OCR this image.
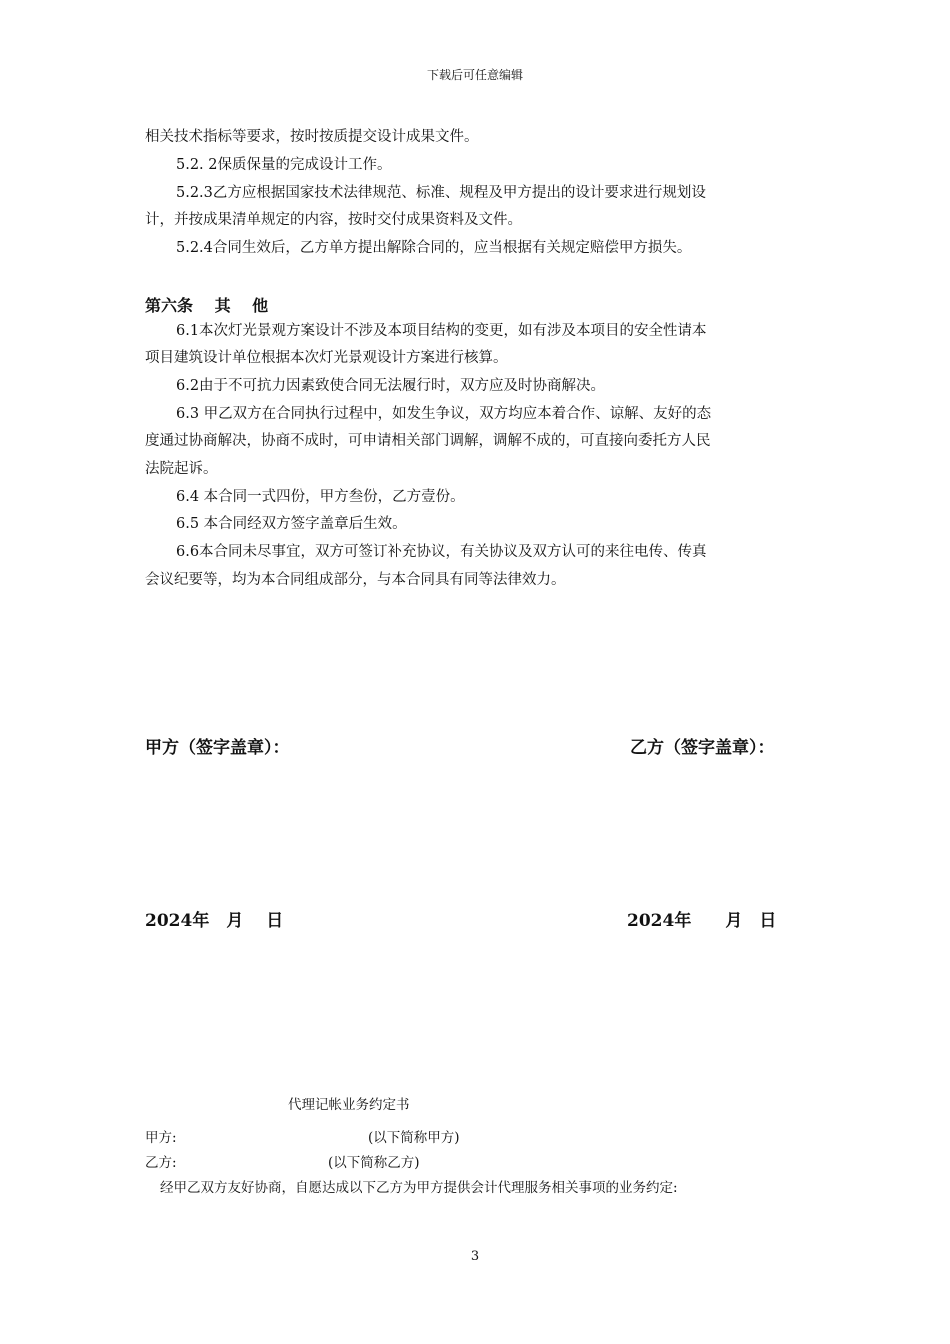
下载后可任意编辑
相关技术指标等要求，按时按质提交设计成果文件。
5.2. 2保质保量的完成设计工作。
5.2.3乙方应根据国家技术法律规范、标准、规程及甲方提出的设计要求进行规划设
计，并按成果清单规定的内容，按时交付成果资料及文件。
5.2.4合同生效后，乙方单方提出解除合同的，应当根据有关规定赔偿甲方损失。
第六条　 其　 他
6.1本次灯光景观方案设计不涉及本项目结构的变更，如有涉及本项目的安全性请本
项目建筑设计单位根据本次灯光景观设计方案进行核算。
6.2由于不可抗力因素致使合同无法履行时，双方应及时协商解决。
6.3 甲乙双方在合同执行过程中，如发生争议，双方均应本着合作、谅解、友好的态
度通过协商解决，协商不成时，可申请相关部门调解，调解不成的，可直接向委托方人民
法院起诉。
6.4 本合同一式四份，甲方叁份，乙方壹份。
6.5 本合同经双方签字盖章后生效。
6.6本合同未尽事宜，双方可签订补充协议，有关协议及双方认可的来往电传、传真
会议纪要等，均为本合同组成部分，与本合同具有同等法律效力。
甲方（签字盖章）：	乙方（签字盖章）：
2024年　月　 日	2024年　　月　日
代理记帐业务约定书
甲方:	(以下简称甲方)
乙方:	(以下简称乙方)
经甲乙双方友好协商，自愿达成以下乙方为甲方提供会计代理服务相关事项的业务约定:
3
